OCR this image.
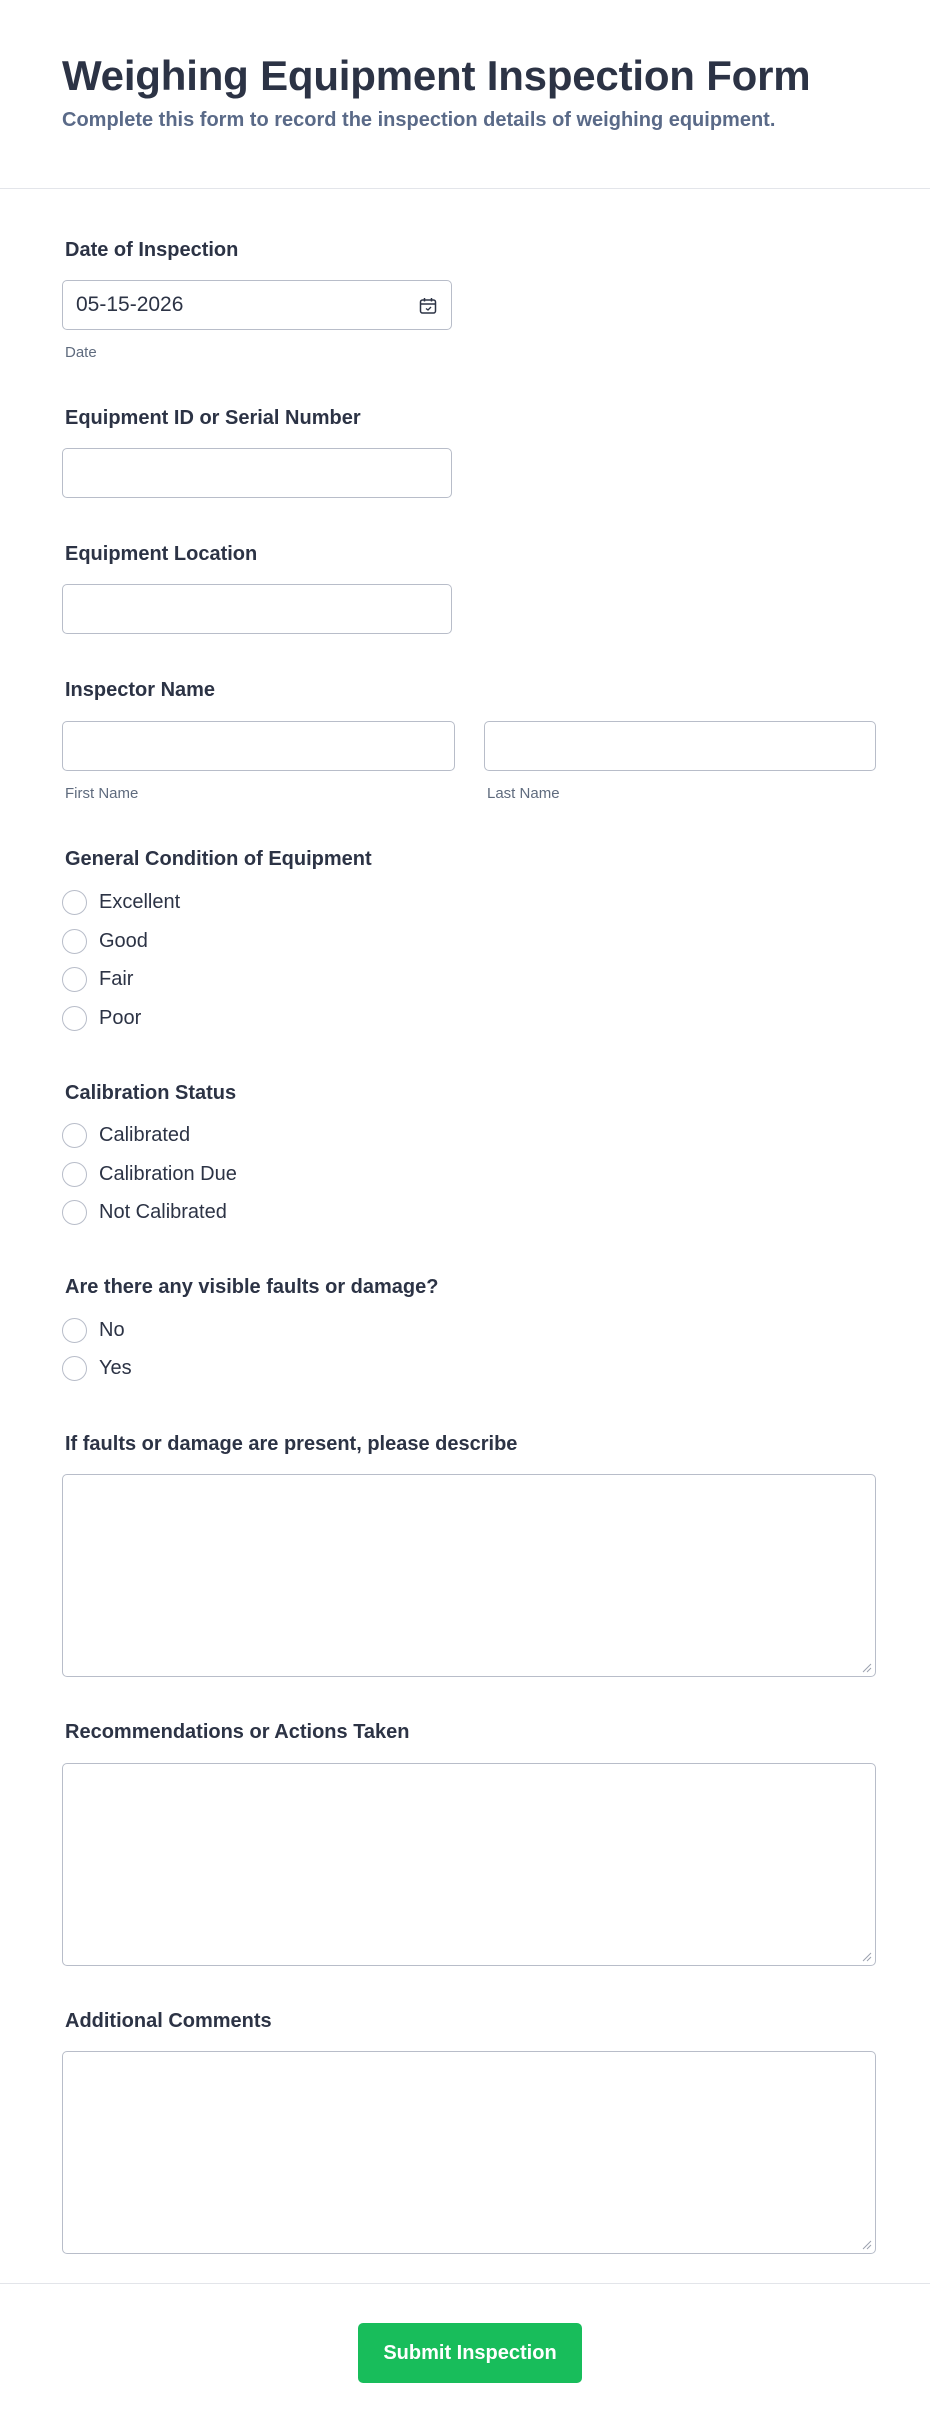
Weighing Equipment Inspection Form
Complete this form to record the inspection details of weighing equipment.
Date of Inspection
05-15-2026
Date
Equipment ID or Serial Number
Equipment Location
Inspector Name
First Name	Last Name
General Condition of Equipment
Excellent
Good
Fair
Poor
Calibration Status
Calibrated
Calibration Due
Not Calibrated
Are there any visible faults or damage?
No
Yes
If faults or damage are present, please describe
Recommendations or Actions Taken
Additional Comments
Submit Inspection
